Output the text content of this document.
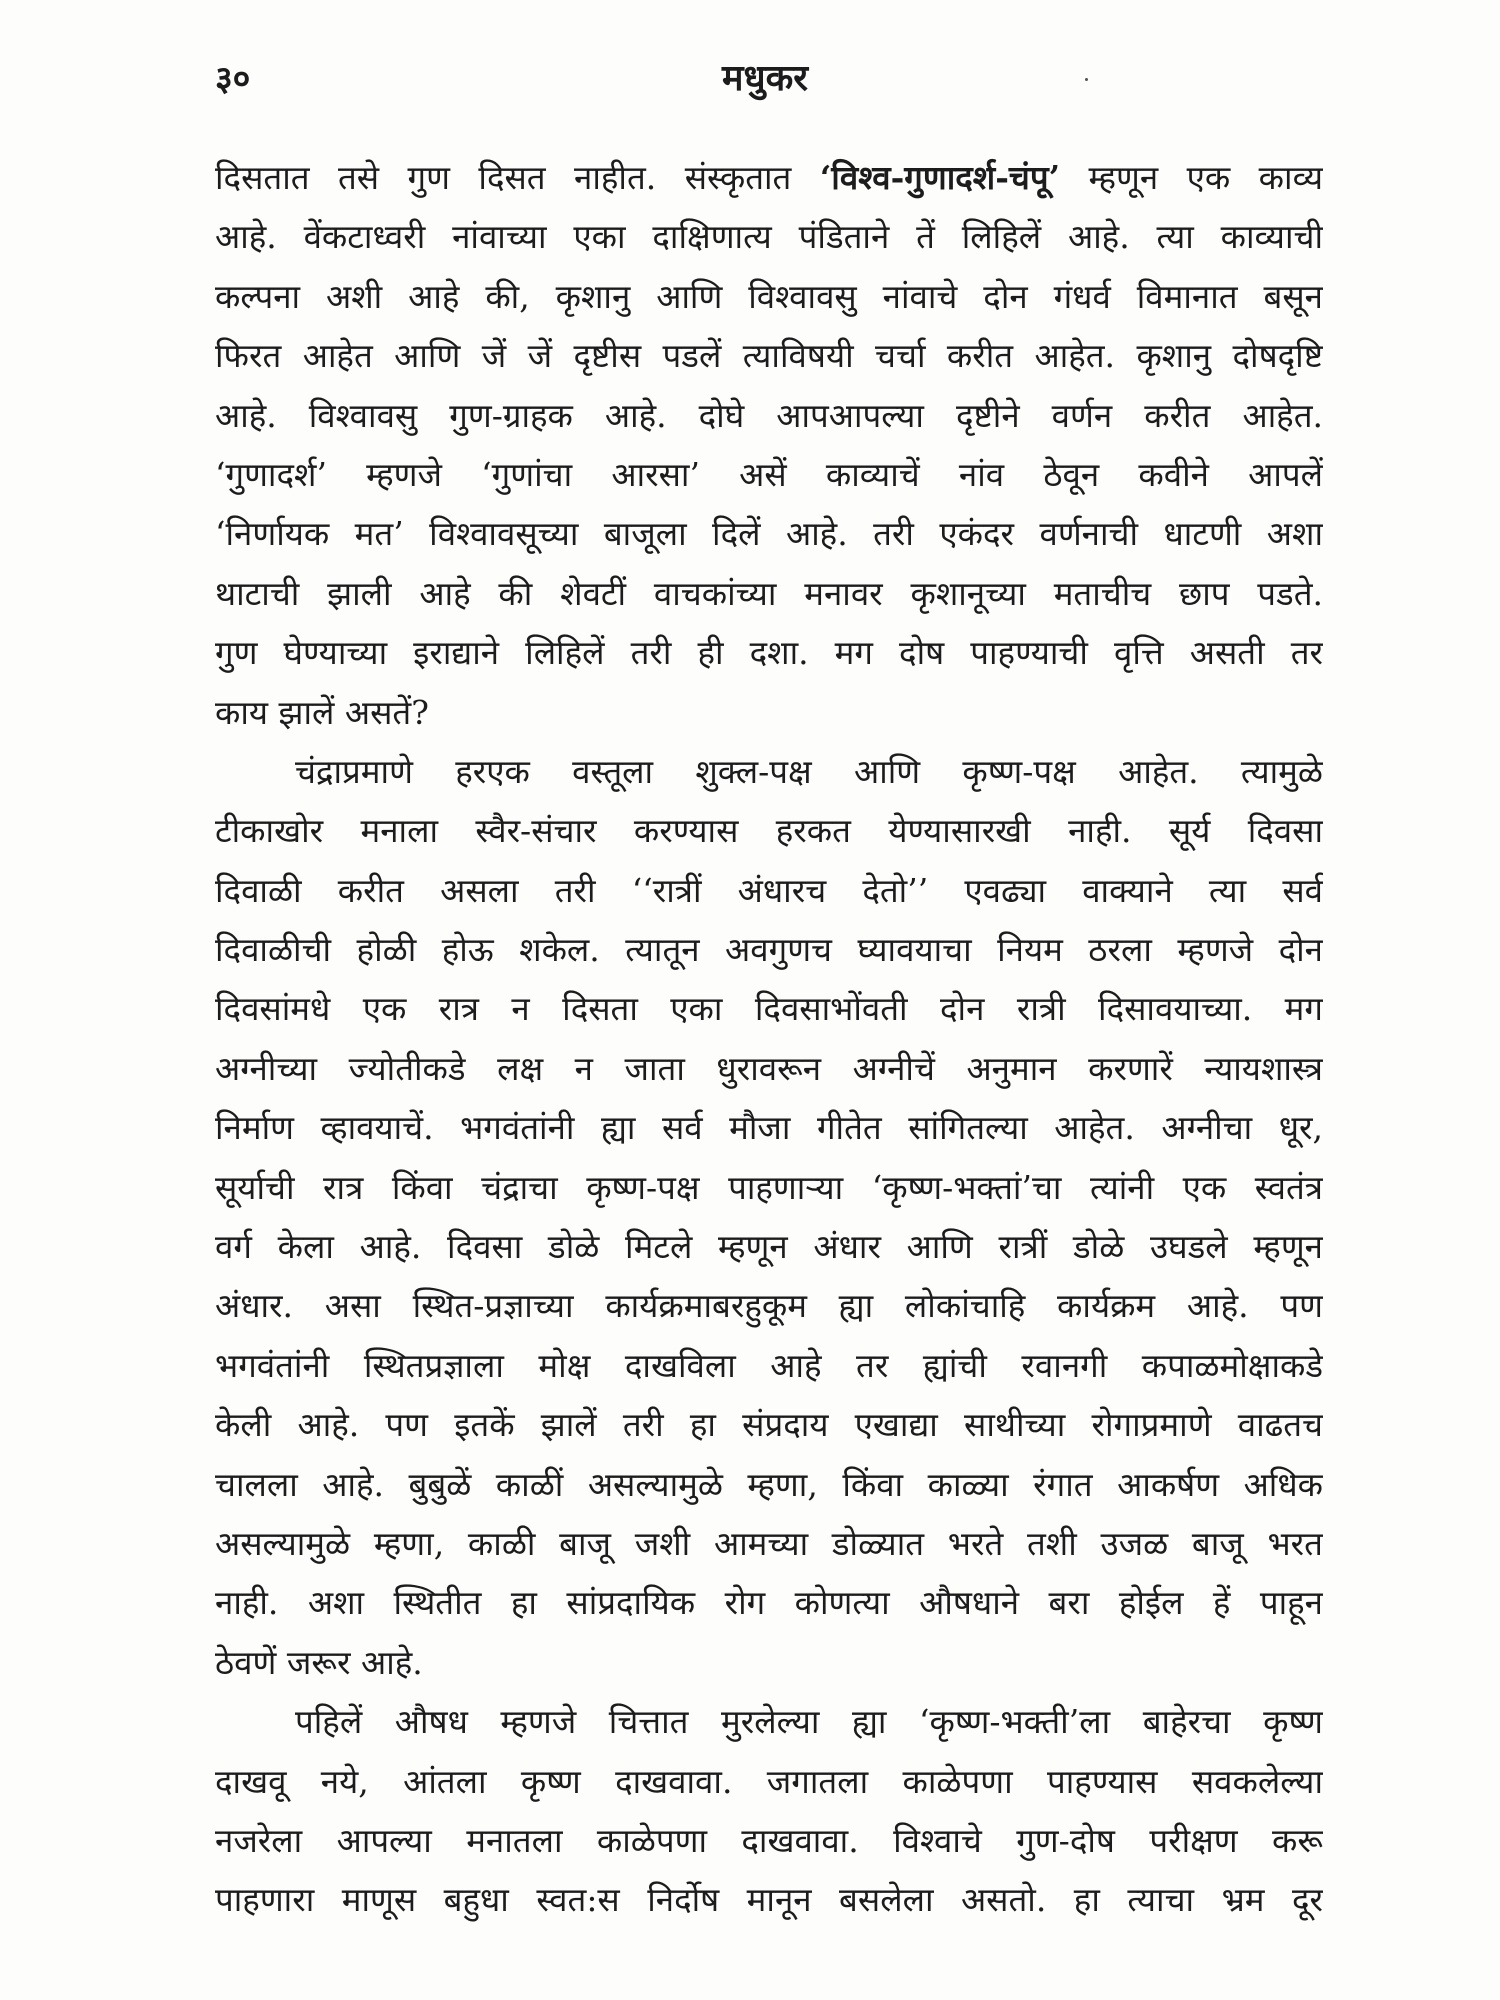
३०	मधुकर
दिसतात तसे गुण दिसत नाहीत. संस्कृतात ‘विश्व-गुणादर्श-चंपू’ म्हणून एक काव्य
आहे. वेंकटाध्वरी नांवाच्या एका दाक्षिणात्य पंडिताने तें लिहिलें आहे. त्या काव्याची
कल्पना अशी आहे की, कृशानु आणि विश्वावसु नांवाचे दोन गंधर्व विमानात बसून
फिरत आहेत आणि जें जें दृष्टीस पडलें त्याविषयी चर्चा करीत आहेत. कृशानु दोषदृष्टि
आहे. विश्वावसु गुण-ग्राहक आहे. दोघे आपआपल्या दृष्टीने वर्णन करीत आहेत.
‘गुणादर्श’ म्हणजे ‘गुणांचा आरसा’ असें काव्याचें नांव ठेवून कवीने आपलें
‘निर्णायक मत’ विश्वावसूच्या बाजूला दिलें आहे. तरी एकंदर वर्णनाची धाटणी अशा
थाटाची झाली आहे की शेवटीं वाचकांच्या मनावर कृशानूच्या मताचीच छाप पडते.
गुण घेण्याच्या इराद्याने लिहिलें तरी ही दशा. मग दोष पाहण्याची वृत्ति असती तर
काय झालें असतें?
चंद्राप्रमाणे हरएक वस्तूला शुक्ल-पक्ष आणि कृष्ण-पक्ष आहेत. त्यामुळे
टीकाखोर मनाला स्वैर-संचार करण्यास हरकत येण्यासारखी नाही. सूर्य दिवसा
दिवाळी करीत असला तरी ‘‘रात्रीं अंधारच देतो’’ एवढ्या वाक्याने त्या सर्व
दिवाळीची होळी होऊ शकेल. त्यातून अवगुणच घ्यावयाचा नियम ठरला म्हणजे दोन
दिवसांमधे एक रात्र न दिसता एका दिवसाभोंवती दोन रात्री दिसावयाच्या. मग
अग्नीच्या ज्योतीकडे लक्ष न जाता धुरावरून अग्नीचें अनुमान करणारें न्यायशास्त्र
निर्माण व्हावयाचें. भगवंतांनी ह्या सर्व मौजा गीतेत सांगितल्या आहेत. अग्नीचा धूर,
सूर्याची रात्र किंवा चंद्राचा कृष्ण-पक्ष पाहणाऱ्या ‘कृष्ण-भक्तां’चा त्यांनी एक स्वतंत्र
वर्ग केला आहे. दिवसा डोळे मिटले म्हणून अंधार आणि रात्रीं डोळे उघडले म्हणून
अंधार. असा स्थित-प्रज्ञाच्या कार्यक्रमाबरहुकूम ह्या लोकांचाहि कार्यक्रम आहे. पण
भगवंतांनी स्थितप्रज्ञाला मोक्ष दाखविला आहे तर ह्यांची रवानगी कपाळमोक्षाकडे
केली आहे. पण इतकें झालें तरी हा संप्रदाय एखाद्या साथीच्या रोगाप्रमाणे वाढतच
चालला आहे. बुबुळें काळीं असल्यामुळे म्हणा, किंवा काळ्या रंगात आकर्षण अधिक
असल्यामुळे म्हणा, काळी बाजू जशी आमच्या डोळ्यात भरते तशी उजळ बाजू भरत
नाही. अशा स्थितीत हा सांप्रदायिक रोग कोणत्या औषधाने बरा होईल हें पाहून
ठेवणें जरूर आहे.
पहिलें औषध म्हणजे चित्तात मुरलेल्या ह्या ‘कृष्ण-भक्ती’ला बाहेरचा कृष्ण
दाखवू नये, आंतला कृष्ण दाखवावा. जगातला काळेपणा पाहण्यास सवकलेल्या
नजरेला आपल्या मनातला काळेपणा दाखवावा. विश्वाचे गुण-दोष परीक्षण करू
पाहणारा माणूस बहुधा स्वत:स निर्दोष मानून बसलेला असतो. हा त्याचा भ्रम दूर
